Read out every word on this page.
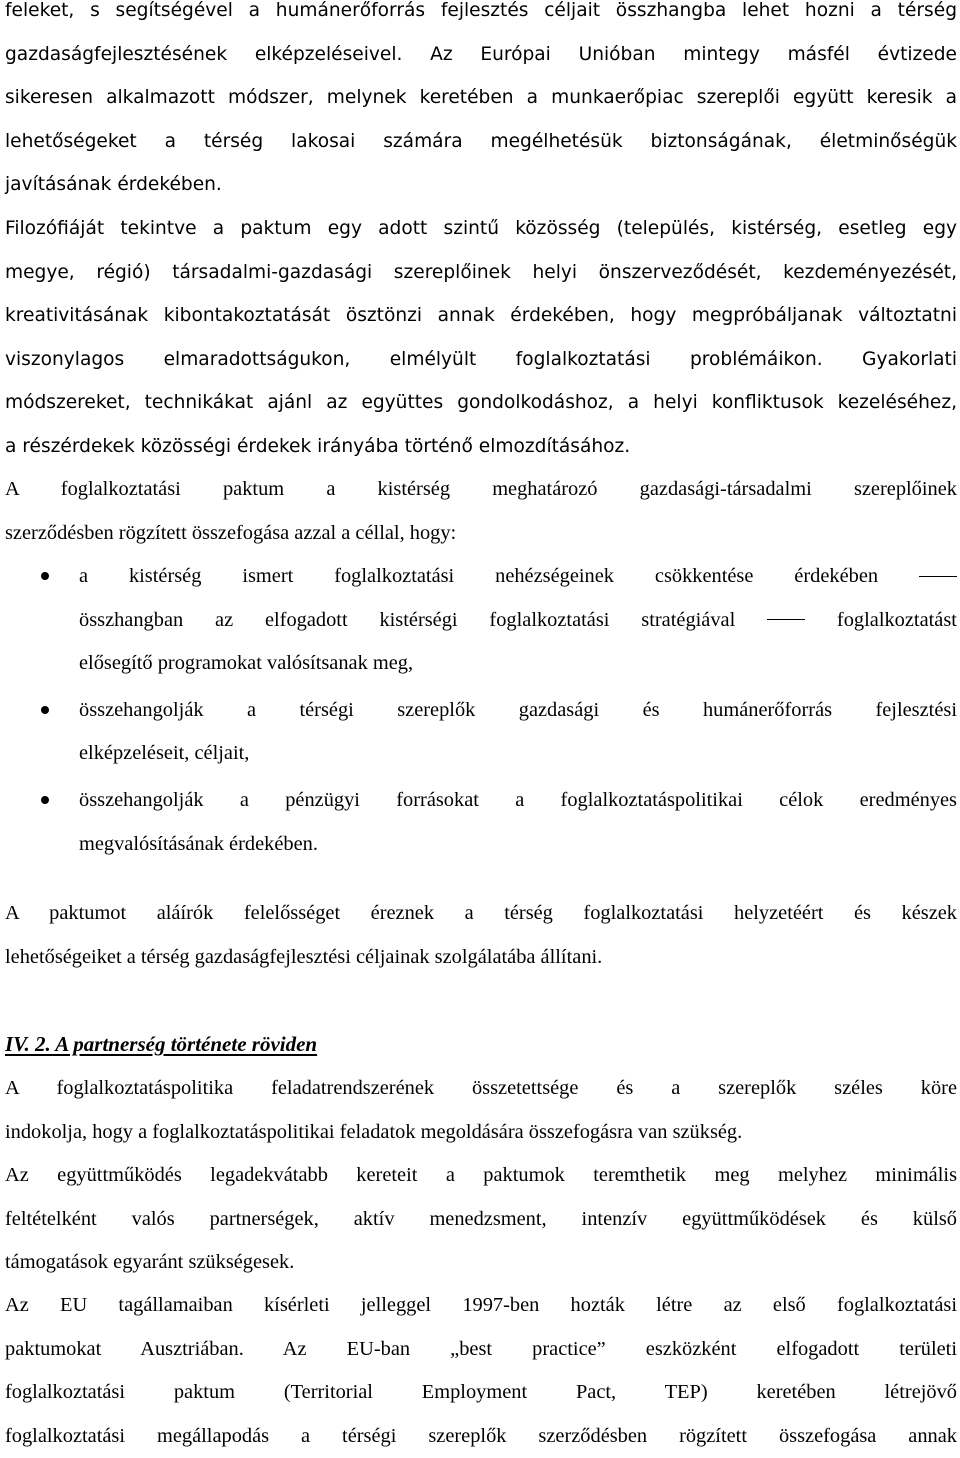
feleket, s segítségével a humánerőforrás fejlesztés céljait összhangba lehet hozni a térség
gazdaságfejlesztésének elképzeléseivel. Az Európai Unióban mintegy másfél évtizede
sikeresen alkalmazott módszer, melynek keretében a munkaerőpiac szereplői együtt keresik a
lehetőségeket a térség lakosai számára megélhetésük biztonságának, életminőségük
javításának érdekében.
Filozófiáját tekintve a paktum egy adott szintű közösség (település, kistérség, esetleg egy
megye, régió) társadalmi-gazdasági szereplőinek helyi önszerveződését, kezdeményezését,
kreativitásának kibontakoztatását ösztönzi annak érdekében, hogy megpróbáljanak változtatni
viszonylagos elmaradottságukon, elmélyült foglalkoztatási problémáikon. Gyakorlati
módszereket, technikákat ajánl az együttes gondolkodáshoz, a helyi konfliktusok kezeléséhez,
a részérdekek közösségi érdekek irányába történő elmozdításához.
A foglalkoztatási paktum a kistérség meghatározó gazdasági-társadalmi szereplőinek
szerződésben rögzített összefogása azzal a céllal, hogy:
a kistérség ismert foglalkoztatási nehézségeinek csökkentése érdekében
összhangban az elfogadott kistérségi foglalkoztatási stratégiával	foglalkoztatást
elősegítő programokat valósítsanak meg,
összehangolják a térségi szereplők gazdasági és humánerőforrás fejlesztési
elképzeléseit, céljait,
összehangolják a pénzügyi forrásokat a foglalkoztatáspolitikai célok eredményes
megvalósításának érdekében.
A paktumot aláírók felelősséget éreznek a térség foglalkoztatási helyzetéért és készek
lehetőségeiket a térség gazdaságfejlesztési céljainak szolgálatába állítani.
IV. 2. A partnerség története röviden
A foglalkoztatáspolitika feladatrendszerének összetettsége és a szereplők széles köre
indokolja, hogy a foglalkoztatáspolitikai feladatok megoldására összefogásra van szükség.
Az együttműködés legadekvátabb kereteit a paktumok teremthetik meg melyhez minimális
feltételként valós partnerségek, aktív menedzsment, intenzív együttműködések és külső
támogatások egyaránt szükségesek.
Az EU tagállamaiban kísérleti jelleggel 1997-ben hozták létre az első foglalkoztatási
paktumokat Ausztriában. Az EU-ban „best practice” eszközként elfogadott területi
foglalkoztatási paktum (Territorial Employment Pact, TEP) keretében létrejövő
foglalkoztatási megállapodás a térségi szereplők szerződésben rögzített összefogása annak
